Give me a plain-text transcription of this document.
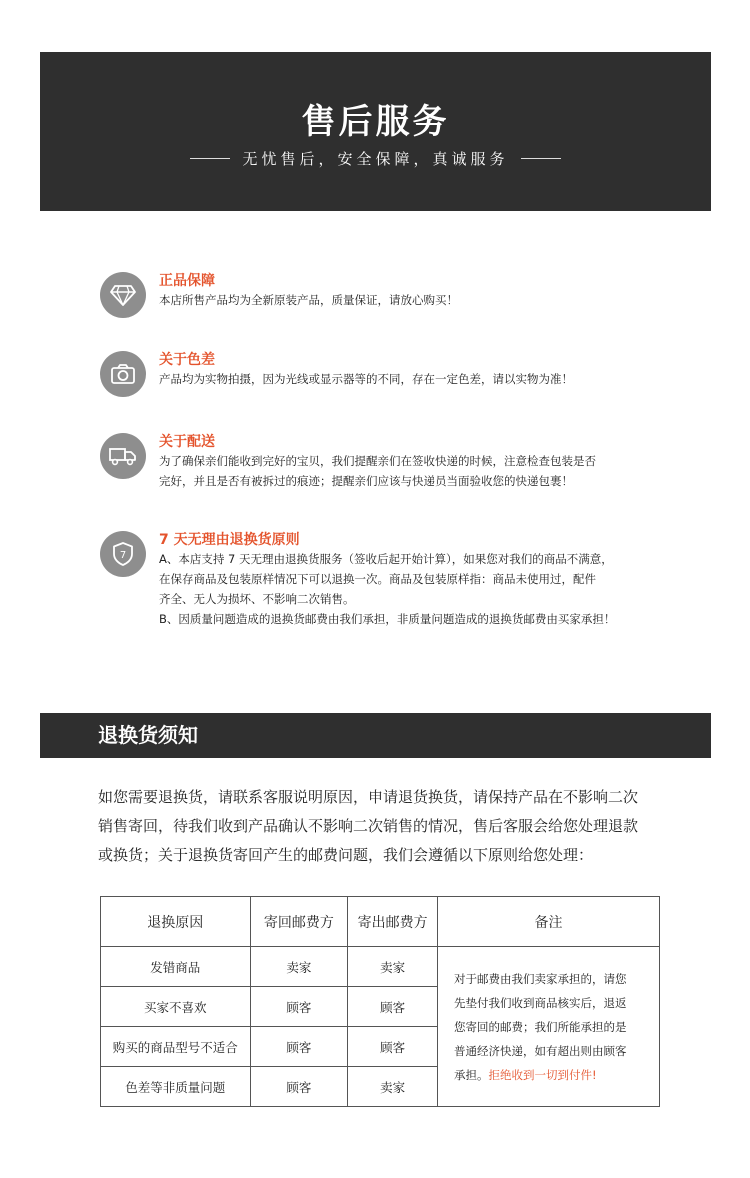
售后服务
无忧售后，安全保障，真诚服务
正品保障
本店所售产品均为全新原装产品，质量保证，请放心购买！
关于色差
产品均为实物拍摄，因为光线或显示器等的不同，存在一定色差，请以实物为准！
关于配送
为了确保亲们能收到完好的宝贝，我们提醒亲们在签收快递的时候，注意检查包装是否
完好，并且是否有被拆过的痕迹；提醒亲们应该与快递员当面验收您的快递包裹！
7
7 天无理由退换货原则
A、本店支持 7 天无理由退换货服务（签收后起开始计算），如果您对我们的商品不满意，
在保存商品及包装原样情况下可以退换一次。商品及包装原样指：商品未使用过，配件
齐全、无人为损坏、不影响二次销售。
B、因质量问题造成的退换货邮费由我们承担，非质量问题造成的退换货邮费由买家承担！
退换货须知
如您需要退换货，请联系客服说明原因，申请退货换货，请保持产品在不影响二次
销售寄回，待我们收到产品确认不影响二次销售的情况，售后客服会给您处理退款
或换货；关于退换货寄回产生的邮费问题，我们会遵循以下原则给您处理：
退换原因	寄回邮费方	寄出邮费方	备注
发错商品	卖家	卖家	对于邮费由我们卖家承担的，请您
先垫付我们收到商品核实后，退返
您寄回的邮费；我们所能承担的是
普通经济快递，如有超出则由顾客
承担。拒绝收到一切到付件!

买家不喜欢	顾客	顾客	
购买的商品型号不适合	顾客	顾客	
色差等非质量问题	顾客	卖家	
